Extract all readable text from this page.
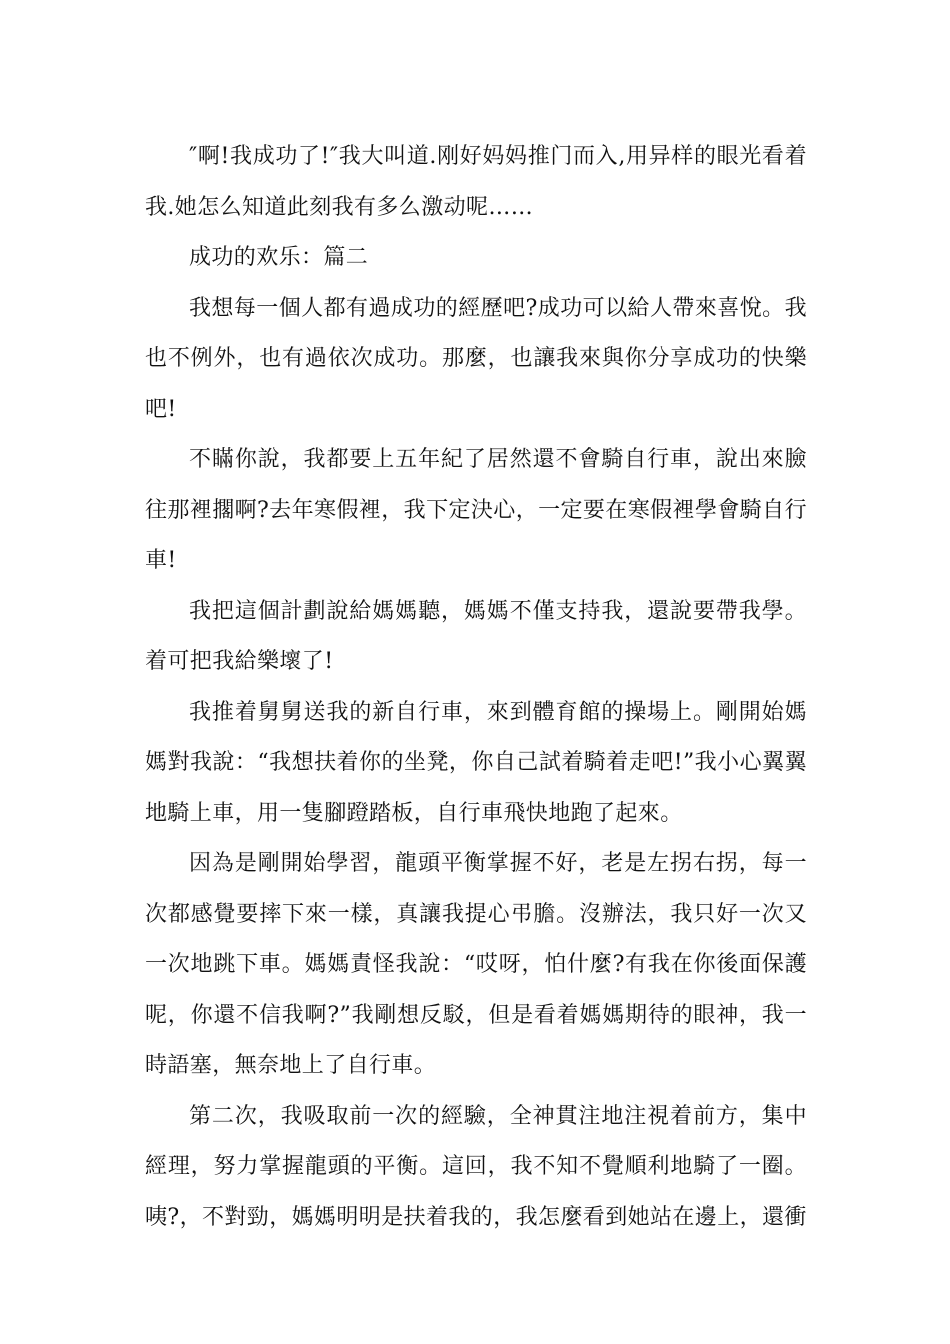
″啊!我成功了!″我大叫道.刚好妈妈推门而入,用异样的眼光看着我.她怎么知道此刻我有多么激动呢……

成功的欢乐：篇二

我想每一個人都有過成功的經歷吧?成功可以給人帶來喜悅。我也不例外，也有過依次成功。那麼，也讓我來與你分享成功的快樂吧!

不瞞你說，我都要上五年紀了居然還不會騎自行車，說出來臉往那裡擱啊?去年寒假裡，我下定決心，一定要在寒假裡學會騎自行車!

我把這個計劃說給媽媽聽，媽媽不僅支持我，還說要帶我學。着可把我給樂壞了!

我推着舅舅送我的新自行車，來到體育館的操場上。剛開始媽媽對我說：“我想扶着你的坐凳，你自己試着騎着走吧!”我小心翼翼地騎上車，用一隻腳蹬踏板，自行車飛快地跑了起來。

因為是剛開始學習，龍頭平衡掌握不好，老是左拐右拐，每一次都感覺要摔下來一樣，真讓我提心弔膽。沒辦法，我只好一次又一次地跳下車。媽媽責怪我說：“哎呀，怕什麼?有我在你後面保護呢，你還不信我啊?”我剛想反駁，但是看着媽媽期待的眼神，我一時語塞，無奈地上了自行車。

第二次，我吸取前一次的經驗，全神貫注地注視着前方，集中經理，努力掌握龍頭的平衡。這回，我不知不覺順利地騎了一圈。咦?，不對勁，媽媽明明是扶着我的，我怎麼看到她站在邊上，還衝
